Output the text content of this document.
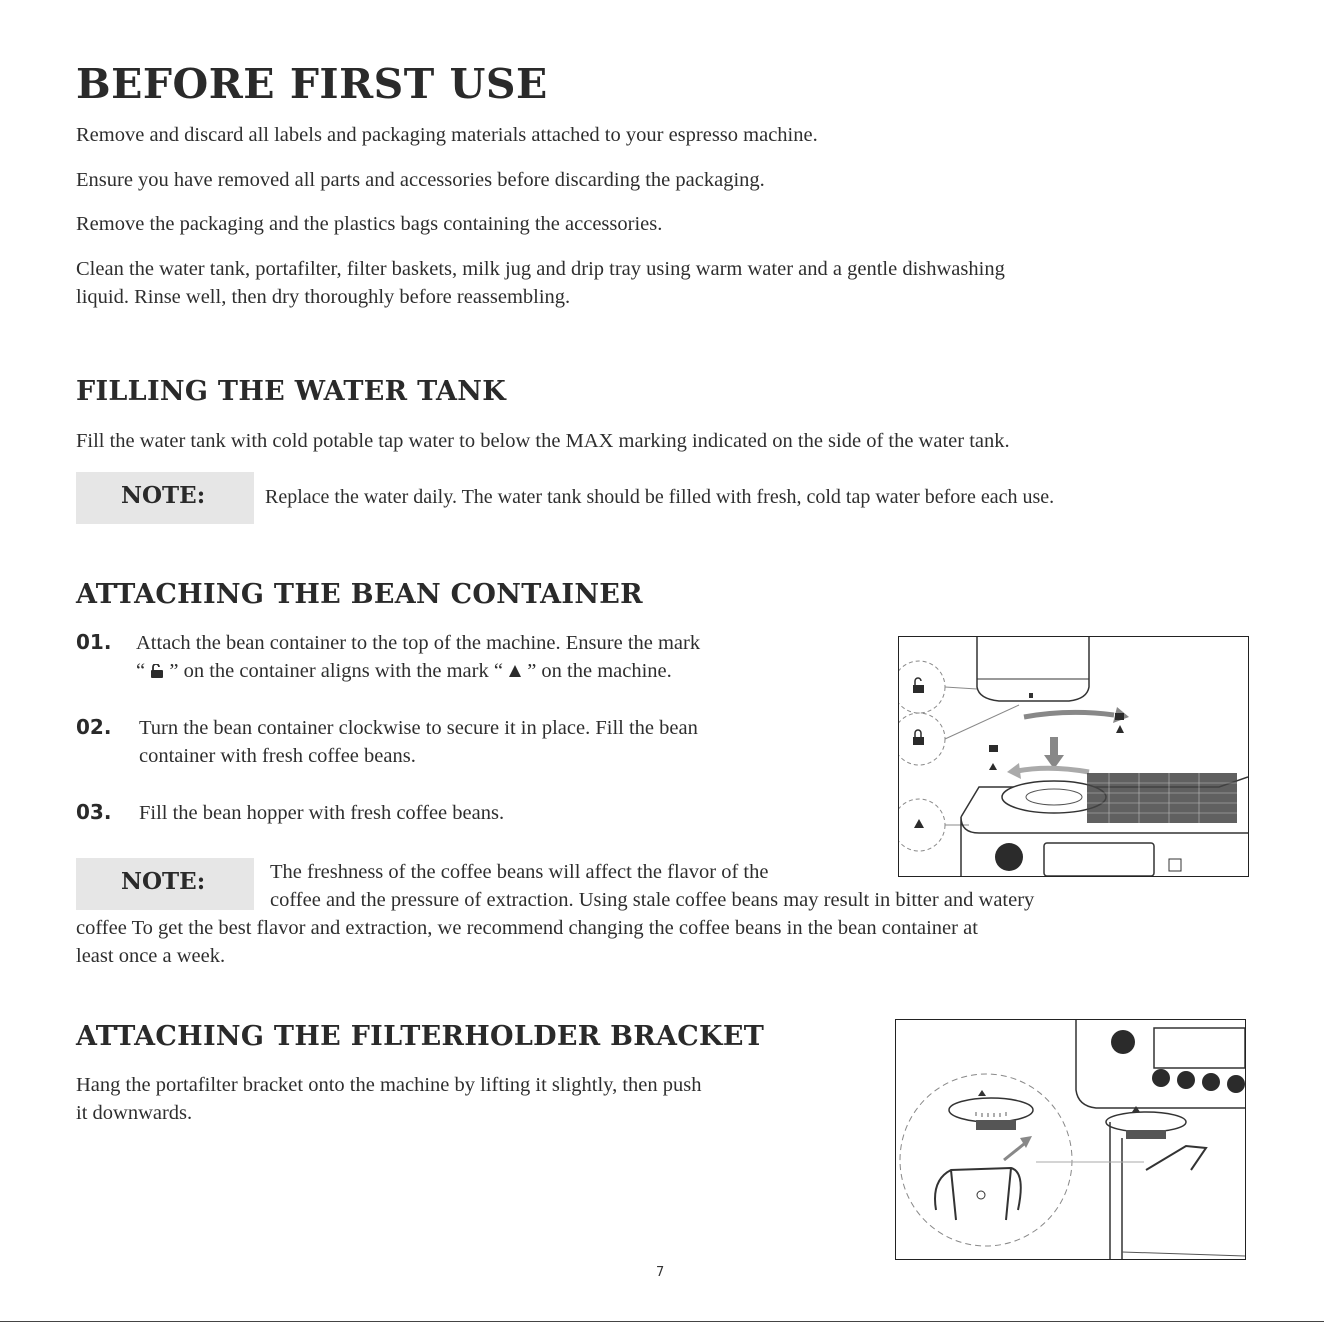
BEFORE FIRST USE
Remove and discard all labels and packaging materials attached to your espresso machine.
Ensure you have removed all parts and accessories before discarding the packaging.
Remove the packaging and the plastics bags containing the accessories.
Clean the water tank, portafilter, filter baskets, milk jug and drip tray using warm water and a gentle dishwashing
liquid. Rinse well, then dry thoroughly before reassembling.
FILLING THE WATER TANK
Fill the water tank with cold potable tap water to below the MAX marking indicated on the side of the water tank.
NOTE:	Replace the water daily. The water tank should be filled with fresh, cold tap water before each use.
ATTACHING THE BEAN CONTAINER
01. Attach the bean container to the top of the machine. Ensure the mark
“ ” on the container aligns with the mark “ ” on the machine.
02. Turn the bean container clockwise to secure it in place. Fill the bean
container with fresh coffee beans.
03. Fill the bean hopper with fresh coffee beans.
NOTE:	The freshness of the coffee beans will affect the flavor of the
coffee and the pressure of extraction. Using stale coffee beans may result in bitter and watery
coffee To get the best flavor and extraction, we recommend changing the coffee beans in the bean container at
least once a week.
ATTACHING THE FILTERHOLDER BRACKET
Hang the portafilter bracket onto the machine by lifting it slightly, then push
it downwards.
7
